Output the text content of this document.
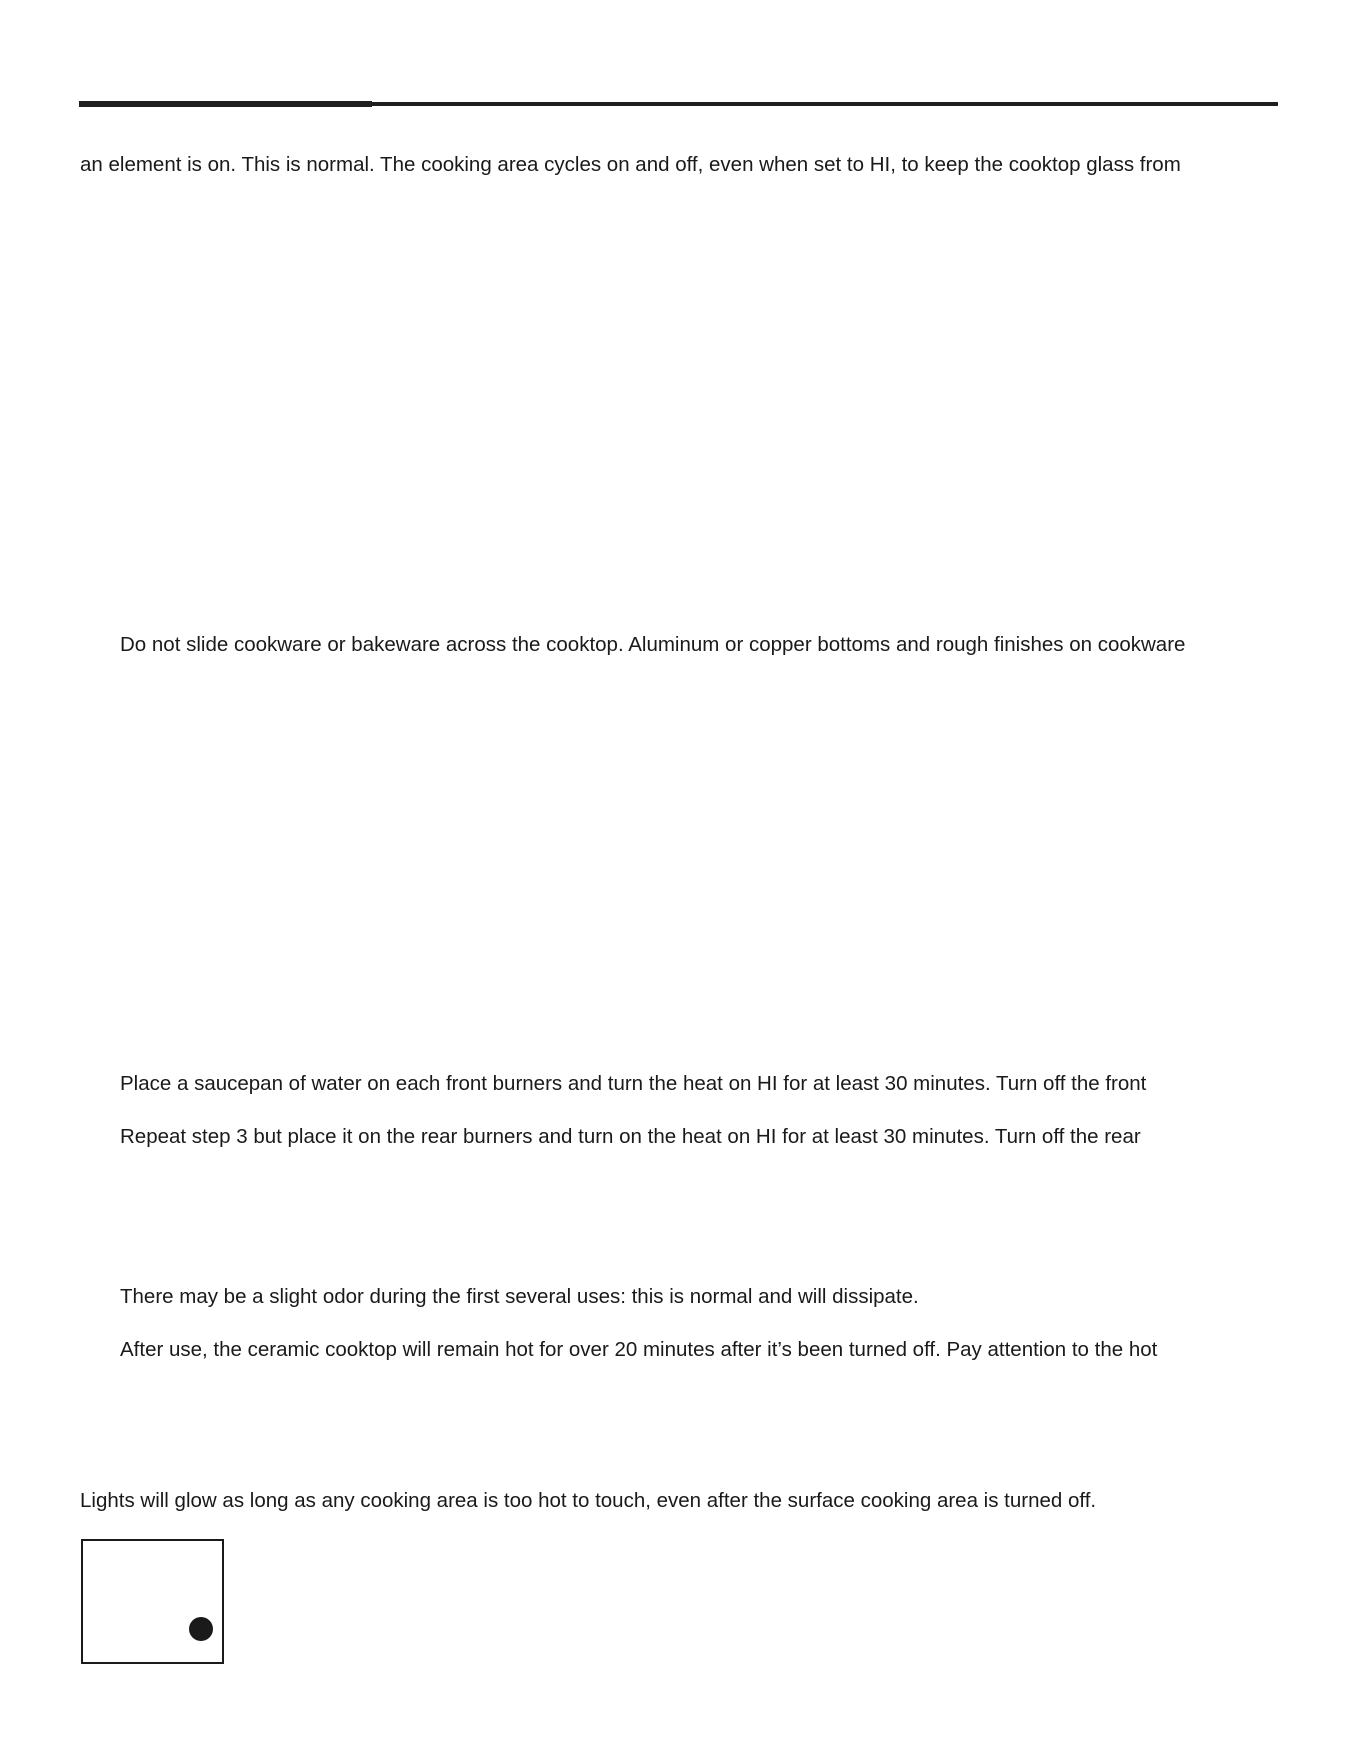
an element is on. This is normal. The cooking area cycles on and off, even when set to HI, to keep the cooktop glass from
Do not slide cookware or bakeware across the cooktop. Aluminum or copper bottoms and rough finishes on cookware
Place a saucepan of water on each front burners and turn the heat on HI for at least 30 minutes. Turn off the front
Repeat step 3 but place it on the rear burners and turn on the heat on HI for at least 30 minutes. Turn off the rear
There may be a slight odor during the first several uses: this is normal and will dissipate.
After use, the ceramic cooktop will remain hot for over 20 minutes after it’s been turned off. Pay attention to the hot
Lights will glow as long as any cooking area is too hot to touch, even after the surface cooking area is turned off.
